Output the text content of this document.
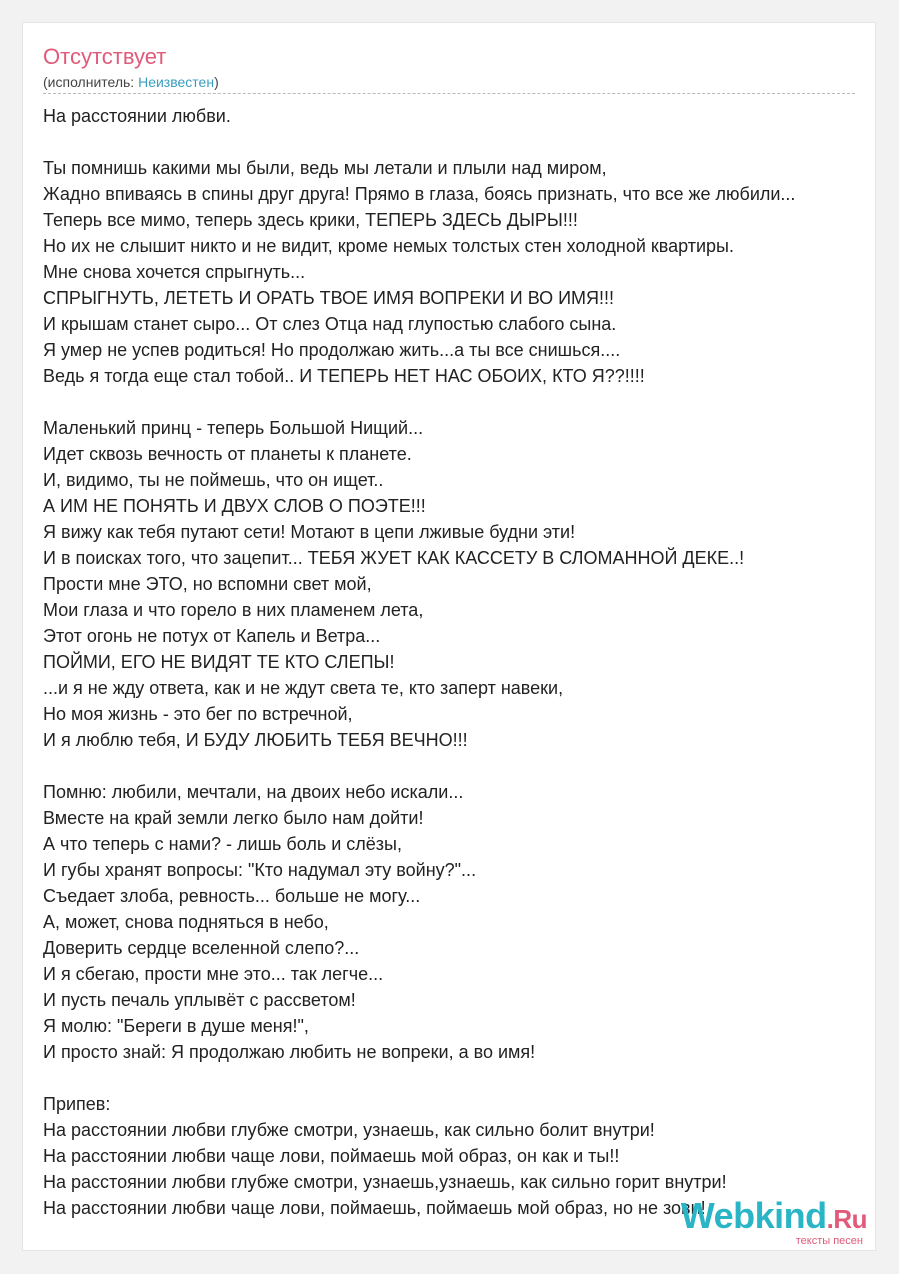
Отсутствует
(исполнитель: Неизвестен)
На расстоянии любви.
Ты помнишь какими мы были, ведь мы летали и плыли над миром,
Жадно впиваясь в спины друг друга! Прямо в глаза, боясь признать, что все же любили...
Теперь все мимо, теперь здесь крики, ТЕПЕРЬ ЗДЕСЬ ДЫРЫ!!!
Но их не слышит никто и не видит, кроме немых толстых стен холодной квартиры.
Мне снова хочется спрыгнуть...
СПРЫГНУТЬ, ЛЕТЕТЬ И ОРАТЬ ТВОЕ ИМЯ ВОПРЕКИ И ВО ИМЯ!!!
И крышам станет сыро... От слез Отца над глупостью слабого сына.
Я умер не успев родиться! Но продолжаю жить...а ты все снишься....
Ведь я тогда еще стал тобой.. И ТЕПЕРЬ НЕТ НАС ОБОИХ, КТО Я??!!!!
Маленький принц - теперь Большой Нищий...
Идет сквозь вечность от планеты к планете.
И, видимо, ты не поймешь, что он ищет..
А ИМ НЕ ПОНЯТЬ И ДВУХ СЛОВ О ПОЭТЕ!!!
Я вижу как тебя путают сети! Мотают в цепи лживые будни эти!
И в поисках того, что зацепит... ТЕБЯ ЖУЕТ КАК КАССЕТУ В СЛОМАННОЙ ДЕКЕ..!
Прости мне ЭТО, но вспомни свет мой,
Мои глаза и что горело в них пламенем лета,
Этот огонь не потух от Капель и Ветра...
ПОЙМИ, ЕГО НЕ ВИДЯТ ТЕ КТО СЛЕПЫ!
...и я не жду ответа, как и не ждут света те, кто заперт навеки,
Но моя жизнь - это бег по встречной,
И я люблю тебя, И БУДУ ЛЮБИТЬ ТЕБЯ ВЕЧНО!!!
Помню: любили, мечтали, на двоих небо искали...
Вместе на край земли легко было нам дойти!
А что теперь с нами? - лишь боль и слёзы,
И губы хранят вопросы: "Кто надумал эту войну?"...
Съедает злоба, ревность... больше не могу...
А, может, снова подняться в небо,
Доверить сердце вселенной слепо?...
И я сбегаю, прости мне это... так легче...
И пусть печаль уплывёт с рассветом!
Я молю: "Береги в душе меня!",
И просто знай: Я продолжаю любить не вопреки, а во имя!
Припев:
На расстоянии любви глубже смотри, узнаешь, как сильно болит внутри!
На расстоянии любви чаще лови, поймаешь мой образ, он как и ты!!
На расстоянии любви глубже смотри, узнаешь,узнаешь, как сильно горит внутри!
На расстоянии любви чаще лови, поймаешь, поймаешь мой образ, но не зови!
Webkind.Ru
тексты песен
